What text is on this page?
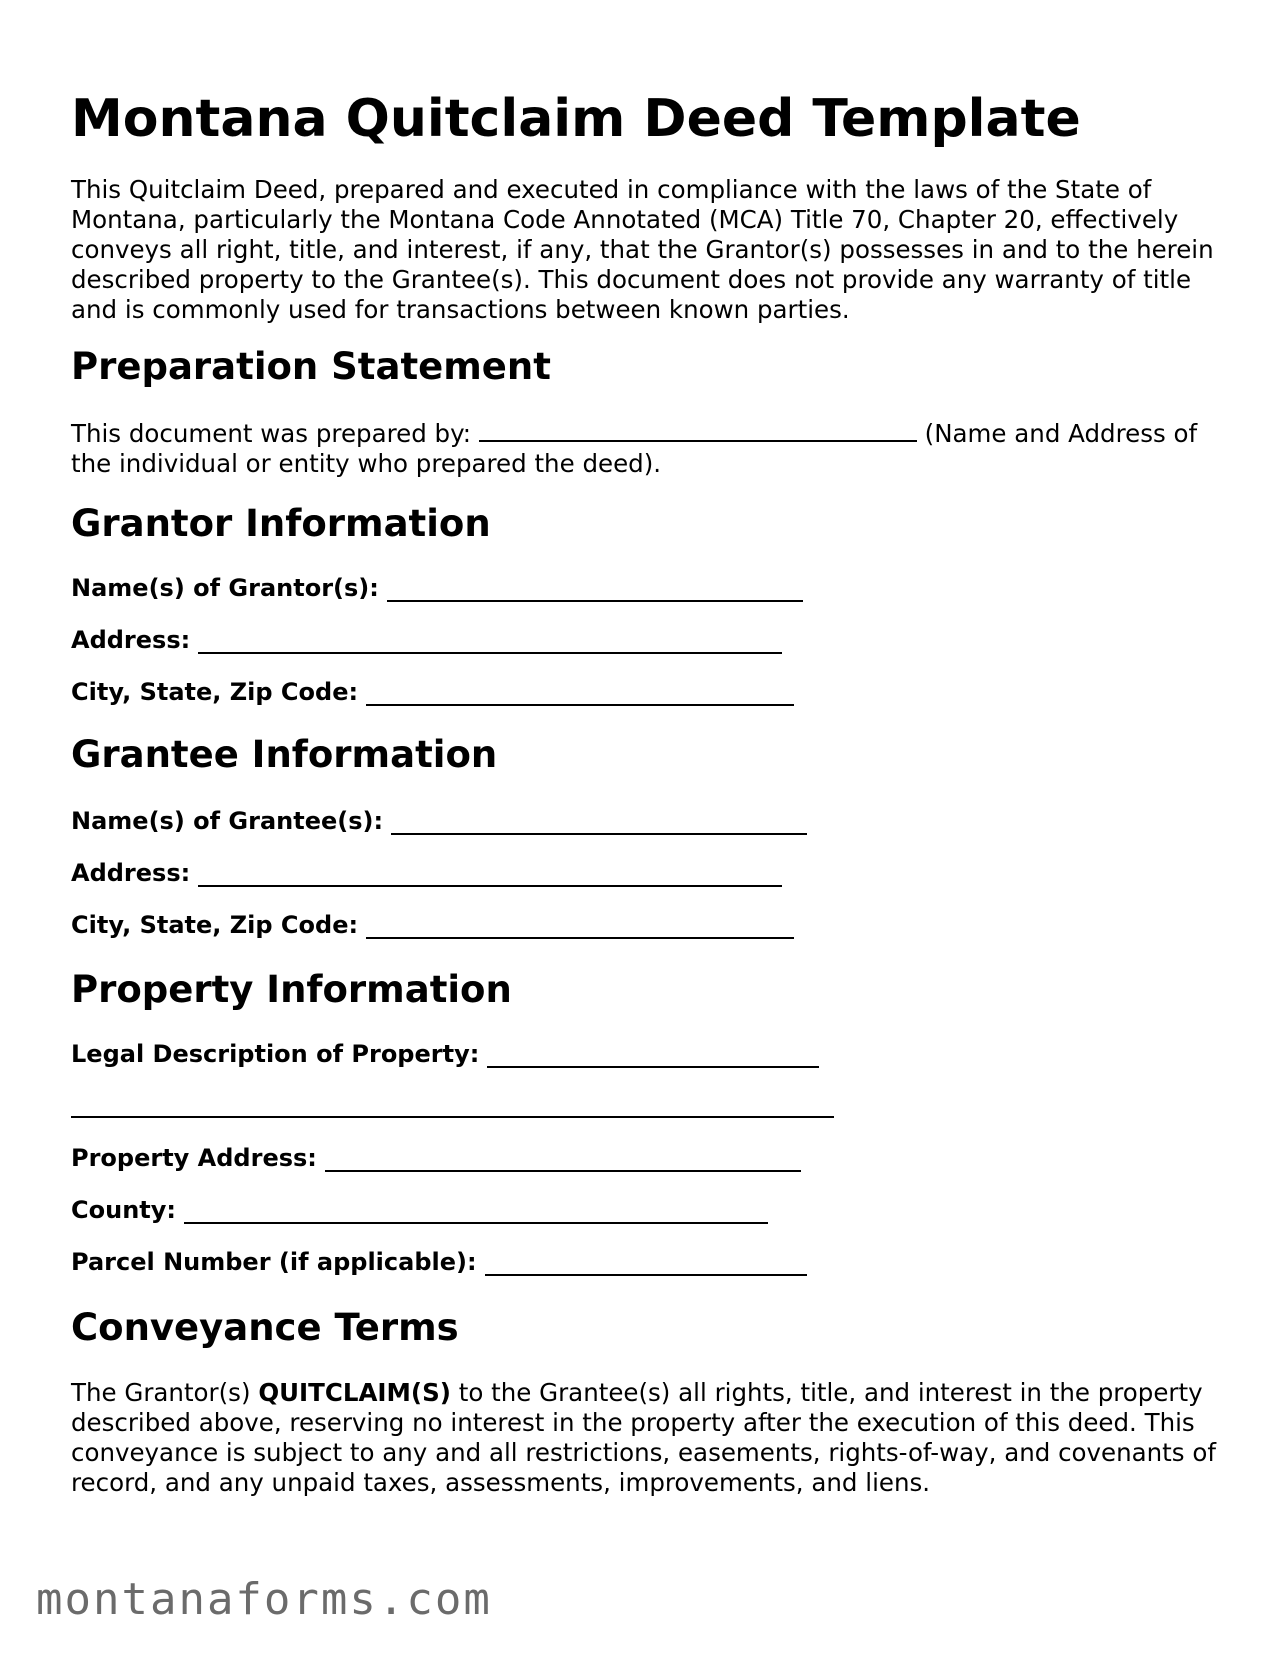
Montana Quitclaim Deed Template

This Quitclaim Deed, prepared and executed in compliance with the laws of the State of Montana, particularly the Montana Code Annotated (MCA) Title 70, Chapter 20, effectively conveys all right, title, and interest, if any, that the Grantor(s) possesses in and to the herein described property to the Grantee(s). This document does not provide any warranty of title and is commonly used for transactions between known parties.

Preparation Statement

This document was prepared by:	(Name and Address of the individual or entity who prepared the deed).

Grantor Information
Name(s) of Grantor(s):
Address:
City, State, Zip Code:
Grantee Information
Name(s) of Grantee(s):
Address:
City, State, Zip Code:
Property Information
Legal Description of Property:
Property Address:
County:
Parcel Number (if applicable):
Conveyance Terms

The Grantor(s) QUITCLAIM(S) to the Grantee(s) all rights, title, and interest in the property described above, reserving no interest in the property after the execution of this deed. This conveyance is subject to any and all restrictions, easements, rights-of-way, and covenants of record, and any unpaid taxes, assessments, improvements, and liens.

montanaforms.com
